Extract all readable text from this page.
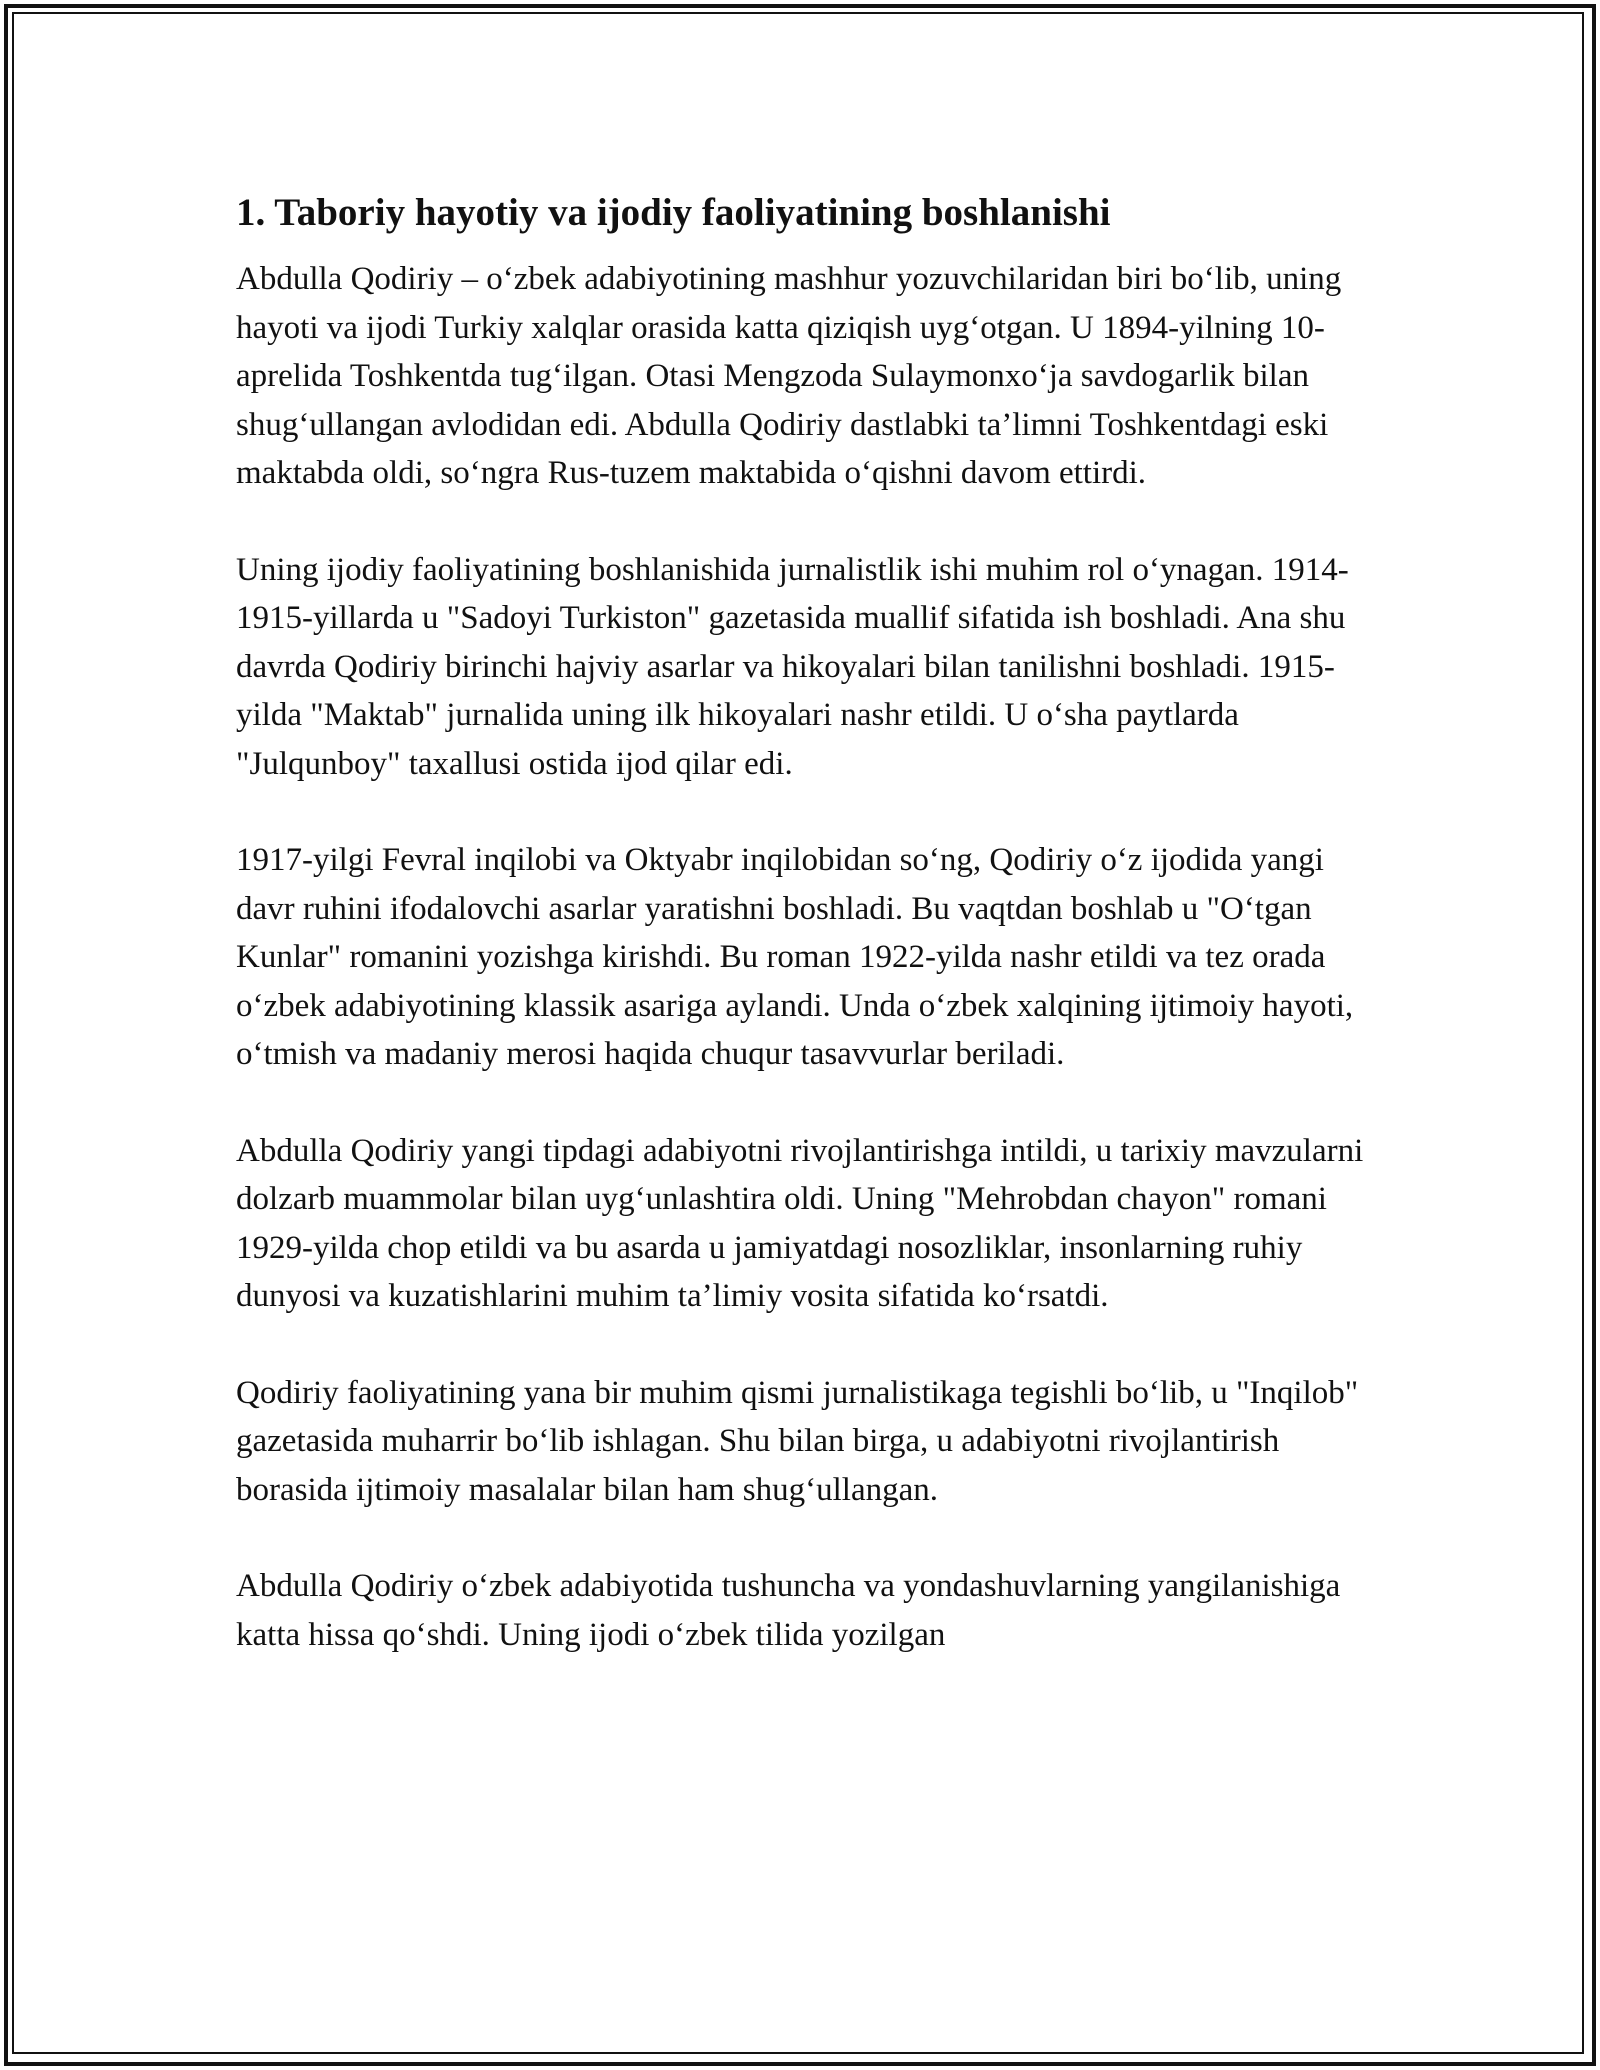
1. Taboriy hayotiy va ijodiy faoliyatining boshlanishi

Abdulla Qodiriy – o‘zbek adabiyotining mashhur yozuvchilaridan biri bo‘lib, uning hayoti va ijodi Turkiy xalqlar orasida katta qiziqish uyg‘otgan. U 1894-yilning 10-aprelida Toshkentda tug‘ilgan. Otasi Mengzoda Sulaymonxo‘ja savdogarlik bilan shug‘ullangan avlodidan edi. Abdulla Qodiriy dastlabki ta’limni Toshkentdagi eski maktabda oldi, so‘ngra Rus-tuzem maktabida o‘qishni davom ettirdi.

Uning ijodiy faoliyatining boshlanishida jurnalistlik ishi muhim rol o‘ynagan. 1914-1915-yillarda u "Sadoyi Turkiston" gazetasida muallif sifatida ish boshladi. Ana shu davrda Qodiriy birinchi hajviy asarlar va hikoyalari bilan tanilishni boshladi. 1915-yilda "Maktab" jurnalida uning ilk hikoyalari nashr etildi. U o‘sha paytlarda "Julqunboy" taxallusi ostida ijod qilar edi.

1917-yilgi Fevral inqilobi va Oktyabr inqilobidan so‘ng, Qodiriy o‘z ijodida yangi davr ruhini ifodalovchi asarlar yaratishni boshladi. Bu vaqtdan boshlab u "O‘tgan Kunlar" romanini yozishga kirishdi. Bu roman 1922-yilda nashr etildi va tez orada o‘zbek adabiyotining klassik asariga aylandi. Unda o‘zbek xalqining ijtimoiy hayoti, o‘tmish va madaniy merosi haqida chuqur tasavvurlar beriladi.

Abdulla Qodiriy yangi tipdagi adabiyotni rivojlantirishga intildi, u tarixiy mavzularni dolzarb muammolar bilan uyg‘unlashtira oldi. Uning "Mehrobdan chayon" romani 1929-yilda chop etildi va bu asarda u jamiyatdagi nosozliklar, insonlarning ruhiy dunyosi va kuzatishlarini muhim ta’limiy vosita sifatida ko‘rsatdi.

Qodiriy faoliyatining yana bir muhim qismi jurnalistikaga tegishli bo‘lib, u "Inqilob" gazetasida muharrir bo‘lib ishlagan. Shu bilan birga, u adabiyotni rivojlantirish borasida ijtimoiy masalalar bilan ham shug‘ullangan.

Abdulla Qodiriy o‘zbek adabiyotida tushuncha va yondashuvlarning yangilanishiga katta hissa qo‘shdi. Uning ijodi o‘zbek tilida yozilgan
